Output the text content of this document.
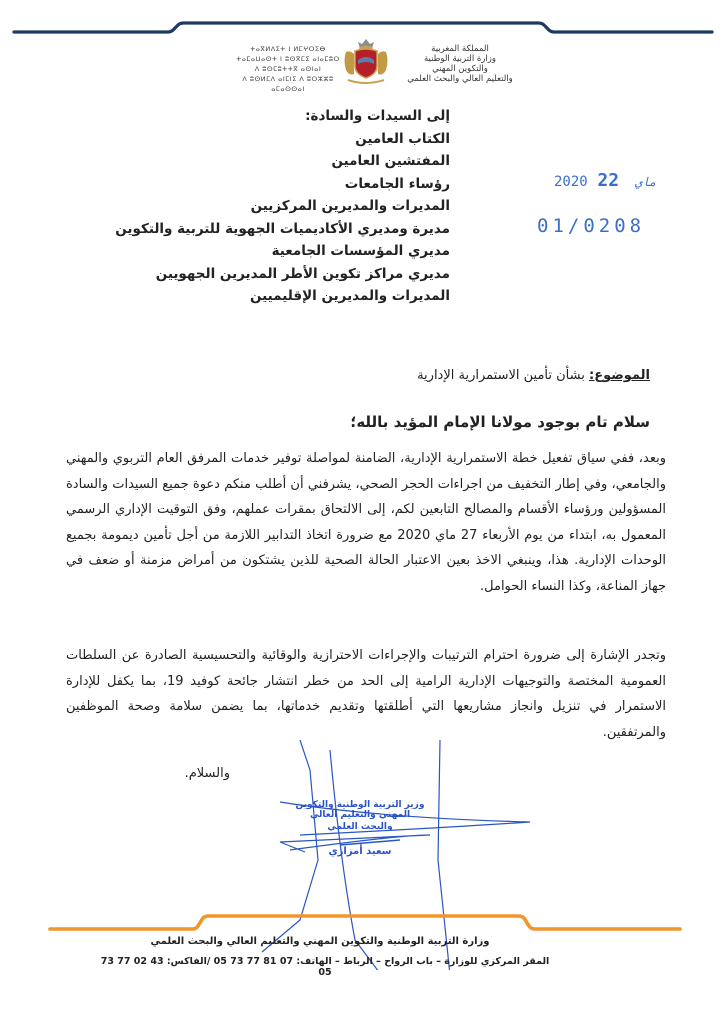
ⵜⴰⴳⵍⴷⵉⵜ ⵏ ⵍⵎⵖⵔⵉⴱ
ⵜⴰⵎⴰⵡⴰⵙⵜ ⵏ ⵓⵙⴳⵎⵉ ⴰⵏⴰⵎⵓⵔ
ⴷ ⵓⵙⵎⵓⵜⵜⴳ ⴰⵙⵏⴰⵏ
ⴷ ⵓⵙⵍⵎⴷ ⴰⵏⵎⵏⵉ ⴷ ⵓⵔⵣⵣⵓ ⴰⵎⴰⵙⵙⴰⵏ
المملكة المغربية
وزارة التربية الوطنية
والتكوين المهني
والتعليم العالي والبحث العلمي
إلى السيدات والسادة:
الكتاب العامين
المفتشين العامين
رؤساء الجامعات
المديرات والمديرين المركزيين
مديرة ومديري الأكاديميات الجهوية للتربية والتكوين
مديري المؤسسات الجامعية
مديري مراكز تكوين الأطر المديرين الجهويين
المديرات والمديرين الإقليميين
2020	ماي 22
01/0208
الموضوع: بشأن تأمين الاستمرارية الإدارية
سلام تام بوجود مولانا الإمام المؤيد بالله؛
وبعد، ففي سياق تفعيل خطة الاستمرارية الإدارية، الضامنة لمواصلة توفير خدمات المرفق العام التربوي والمهني والجامعي، وفي إطار التخفيف من اجراءات الحجر الصحي، يشرفني أن أطلب منكم دعوة جميع السيدات والسادة المسؤولين ورؤساء الأقسام والمصالح التابعين لكم، إلى الالتحاق بمقرات عملهم، وفق التوقيت الإداري الرسمي المعمول به، ابتداء من يوم الأربعاء 27 ماي 2020 مع ضرورة اتخاذ التدابير اللازمة من أجل تأمين ديمومة بجميع الوحدات الإدارية. هذا، وينبغي الاخذ بعين الاعتبار الحالة الصحية للذين يشتكون من أمراض مزمنة أو ضعف في جهاز المناعة، وكذا النساء الحوامل.
وتجدر الإشارة إلى ضرورة احترام الترتيبات والإجراءات الاحترازية والوقائية والتحسيسية الصادرة عن السلطات العمومية المختصة والتوجيهات الإدارية الرامية إلى الحد من خطر انتشار جائحة كوفيد 19، بما يكفل للإدارة الاستمرار في تنزيل وانجاز مشاريعها التي أطلقتها وتقديم خدماتها، بما يضمن سلامة وصحة الموظفين والمرتفقين.
والسلام.
وزير التربية الوطنية والتكوين المهني والتعليم العالي
والبحث العلمي
سعيد أمزازي
وزارة التربية الوطنية والتكوين المهني والتعليم العالي والبحث العلمي
المقر المركزي للوزارة – باب الرواح – الرباط – الهاتف: 07 81 77 73 05 /الفاكس: 43 02 77 73 05
